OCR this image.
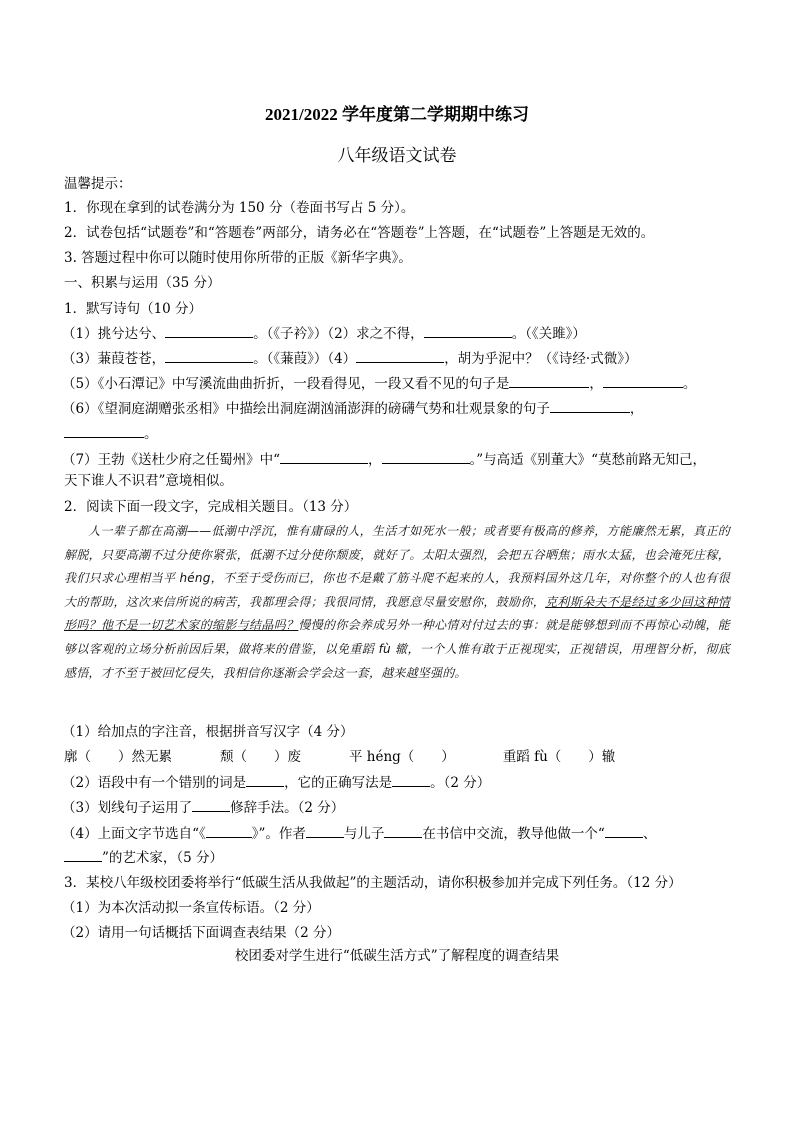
2021/2022 学年度第二学期期中练习
八年级语文试卷
温馨提示：
1．你现在拿到的试卷满分为 150 分（卷面书写占 5 分）。
2．试卷包括“试题卷”和“答题卷”两部分，请务必在“答题卷”上答题，在“试题卷”上答题是无效的。
3. 答题过程中你可以随时使用你所带的正版《新华字典》。
一、积累与运用（35 分）
1．默写诗句（10 分）
（1）挑兮达兮、	。（《子衿》）（2）求之不得，	。（《关雎》）
（3）蒹葭苍苍，	。（《蒹葭》）（4）	，胡为乎泥中？（《诗经·式微》）
（5）《小石潭记》中写溪流曲曲折折，一段看得见，一段又看不见的句子是	，	。
（6）《望洞庭湖赠张丞相》中描绘出洞庭湖汹涌澎湃的磅礴气势和壮观景象的句子	，
。
（7）王勃《送杜少府之任蜀州》中“	，	。”与高适《别董大》“莫愁前路无知己，
天下谁人不识君”意境相似。
2．阅读下面一段文字，完成相关题目。（13 分）
人一辈子都在高潮——低潮中浮沉，惟有庸碌的人，生活才如死水一般；或者要有极高的修养，方能廉然无累，真正的解脱，只要高潮不过分使你紧张，低潮不过分使你颓废，就好了。太阳太强烈，会把五谷晒焦；雨水太猛，也会淹死庄稼，我们只求心理相当平 héng，不至于受伤而已，你也不是戴了筋斗爬不起来的人，我预料国外这几年，对你整个的人也有很大的帮助，这次来信所说的病苦，我都理会得；我很同情，我愿意尽量安慰你，鼓励你，克利斯朵夫不是经过多少回这种情形吗？他不是一切艺术家的缩影与结晶吗？慢慢的你会养成另外一种心情对付过去的事：就是能够想到而不再惊心动魄，能够以客观的立场分析前因后果，做将来的借鉴，以免重蹈 fù 辙，一个人惟有敢于正视现实，正视错误，用理智分析，彻底感悟，才不至于被回忆侵失，我相信你逐渐会学会这一套，越来越坚强的。
（1）给加点的字注音，根据拼音写汉字（4 分）
廓（　　）然无累	颓（　　）废	平 héng（　　）	重蹈 fù（　　）辙
（2）语段中有一个错别的词是	，它的正确写法是	。（2 分）
（3）划线句子运用了	修辞手法。（2 分）
（4）上面文字节选自“《	》”。作者	与儿子	在书信中交流，教导他做一个“	、
”的艺术家，（5 分）
3．某校八年级校团委将举行“低碳生活从我做起”的主题活动，请你积极参加并完成下列任务。（12 分）
（1）为本次活动拟一条宣传标语。（2 分）
（2）请用一句话概括下面调查表结果（2 分）
校团委对学生进行“低碳生活方式”了解程度的调查结果
